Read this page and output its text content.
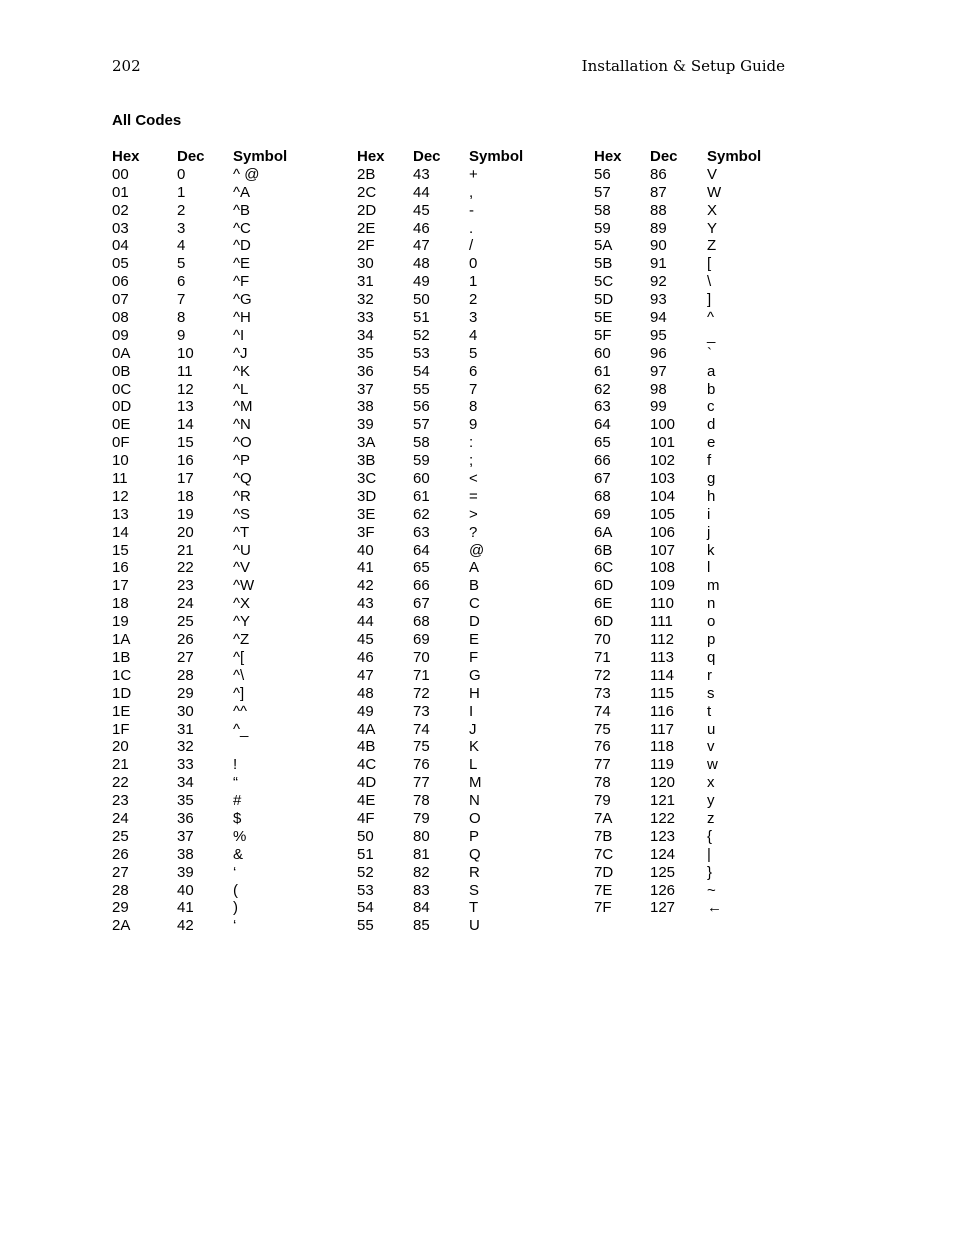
202	Installation & Setup Guide
All Codes
Hex	Dec	Symbol
00	0	^ @
01	1	^A
02	2	^B
03	3	^C
04	4	^D
05	5	^E
06	6	^F
07	7	^G
08	8	^H
09	9	^I
0A	10	^J
0B	11	^K
0C	12	^L
0D	13	^M
0E	14	^N
0F	15	^O
10	16	^P
11	17	^Q
12	18	^R
13	19	^S
14	20	^T
15	21	^U
16	22	^V
17	23	^W
18	24	^X
19	25	^Y
1A	26	^Z
1B	27	^[
1C	28	^\
1D	29	^]
1E	30	^^
1F	31	^_
20	32
21	33	!
22	34	“
23	35	#
24	36	$
25	37	%
26	38	&
27	39	‘
28	40	(
29	41	)
2A	42	‘
Hex	Dec	Symbol
2B	43	+
2C	44	,
2D	45	-
2E	46	.
2F	47	/
30	48	0
31	49	1
32	50	2
33	51	3
34	52	4
35	53	5
36	54	6
37	55	7
38	56	8
39	57	9
3A	58	:
3B	59	;
3C	60	<
3D	61	=
3E	62	>
3F	63	?
40	64	@
41	65	A
42	66	B
43	67	C
44	68	D
45	69	E
46	70	F
47	71	G
48	72	H
49	73	I
4A	74	J
4B	75	K
4C	76	L
4D	77	M
4E	78	N
4F	79	O
50	80	P
51	81	Q
52	82	R
53	83	S
54	84	T
55	85	U
Hex	Dec	Symbol
56	86	V
57	87	W
58	88	X
59	89	Y
5A	90	Z
5B	91	[
5C	92	\
5D	93	]
5E	94	^
5F	95	_
60	96	`
61	97	a
62	98	b
63	99	c
64	100	d
65	101	e
66	102	f
67	103	g
68	104	h
69	105	i
6A	106	j
6B	107	k
6C	108	l
6D	109	m
6E	110	n
6D	111	o
70	112	p
71	113	q
72	114	r
73	115	s
74	116	t
75	117	u
76	118	v
77	119	w
78	120	x
79	121	y
7A	122	z
7B	123	{
7C	124	|
7D	125	}
7E	126	~
7F	127	←
